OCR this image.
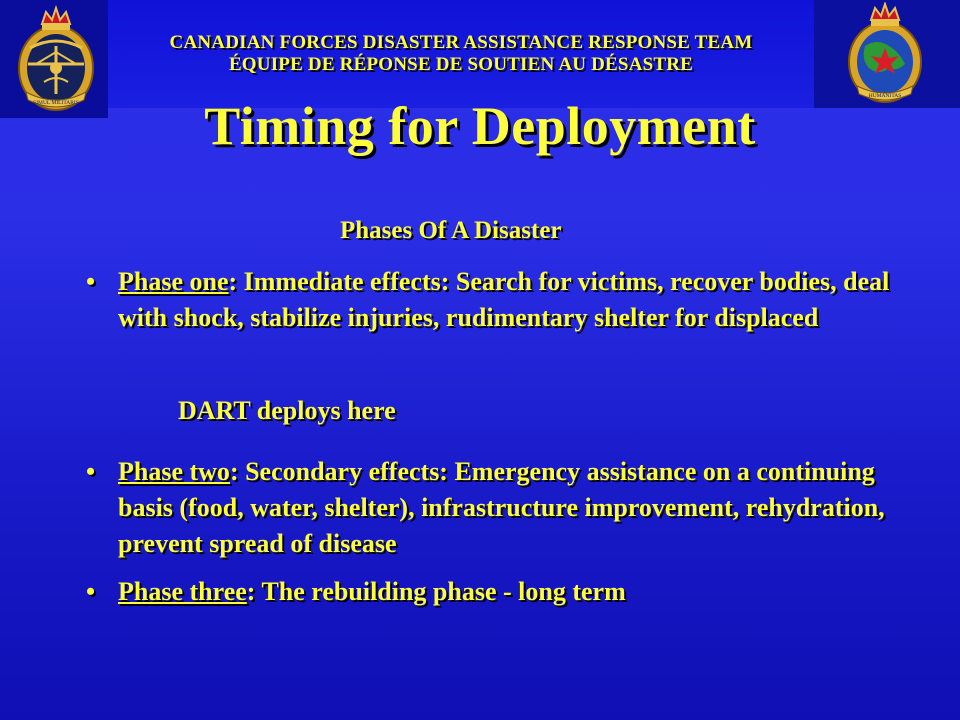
SIMUL MILITARIS
HUMANITAS
CANADIAN FORCES DISASTER ASSISTANCE RESPONSE TEAM
ÉQUIPE DE RÉPONSE DE SOUTIEN AU DÉSASTRE
Timing for Deployment
Phases Of A Disaster
• Phase one: Immediate effects: Search for victims, recover bodies, deal with shock, stabilize injuries, rudimentary shelter for displaced
DART deploys here
• Phase two: Secondary effects: Emergency assistance on a continuing basis (food, water, shelter), infrastructure improvement, rehydration, prevent spread of disease
• Phase three: The rebuilding phase - long term
